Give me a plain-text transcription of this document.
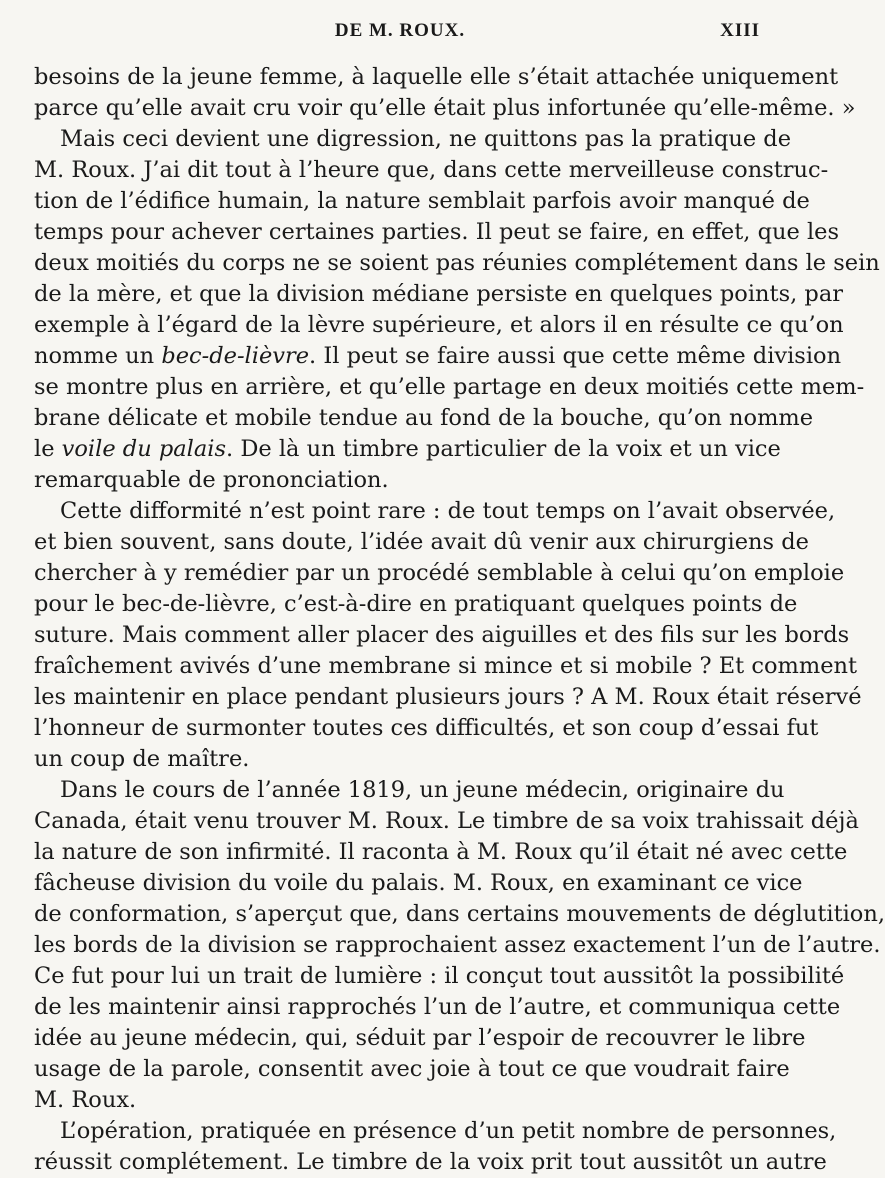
DE M. ROUX.	XIII
besoins de la jeune femme, à laquelle elle s’était attachée uniquement
parce qu’elle avait cru voir qu’elle était plus infortunée qu’elle-même. »
Mais ceci devient une digression, ne quittons pas la pratique de
M. Roux. J’ai dit tout à l’heure que, dans cette merveilleuse construc-
tion de l’édifice humain, la nature semblait parfois avoir manqué de
temps pour achever certaines parties. Il peut se faire, en effet, que les
deux moitiés du corps ne se soient pas réunies complétement dans le sein
de la mère, et que la division médiane persiste en quelques points, par
exemple à l’égard de la lèvre supérieure, et alors il en résulte ce qu’on
nomme un bec-de-lièvre. Il peut se faire aussi que cette même division
se montre plus en arrière, et qu’elle partage en deux moitiés cette mem-
brane délicate et mobile tendue au fond de la bouche, qu’on nomme
le voile du palais. De là un timbre particulier de la voix et un vice
remarquable de prononciation.
Cette difformité n’est point rare : de tout temps on l’avait observée,
et bien souvent, sans doute, l’idée avait dû venir aux chirurgiens de
chercher à y remédier par un procédé semblable à celui qu’on emploie
pour le bec-de-lièvre, c’est-à-dire en pratiquant quelques points de
suture. Mais comment aller placer des aiguilles et des fils sur les bords
fraîchement avivés d’une membrane si mince et si mobile ? Et comment
les maintenir en place pendant plusieurs jours ? A M. Roux était réservé
l’honneur de surmonter toutes ces difficultés, et son coup d’essai fut
un coup de maître.
Dans le cours de l’année 1819, un jeune médecin, originaire du
Canada, était venu trouver M. Roux. Le timbre de sa voix trahissait déjà
la nature de son infirmité. Il raconta à M. Roux qu’il était né avec cette
fâcheuse division du voile du palais. M. Roux, en examinant ce vice
de conformation, s’aperçut que, dans certains mouvements de déglutition,
les bords de la division se rapprochaient assez exactement l’un de l’autre.
Ce fut pour lui un trait de lumière : il conçut tout aussitôt la possibilité
de les maintenir ainsi rapprochés l’un de l’autre, et communiqua cette
idée au jeune médecin, qui, séduit par l’espoir de recouvrer le libre
usage de la parole, consentit avec joie à tout ce que voudrait faire
M. Roux.
L’opération, pratiquée en présence d’un petit nombre de personnes,
réussit complétement. Le timbre de la voix prit tout aussitôt un autre
